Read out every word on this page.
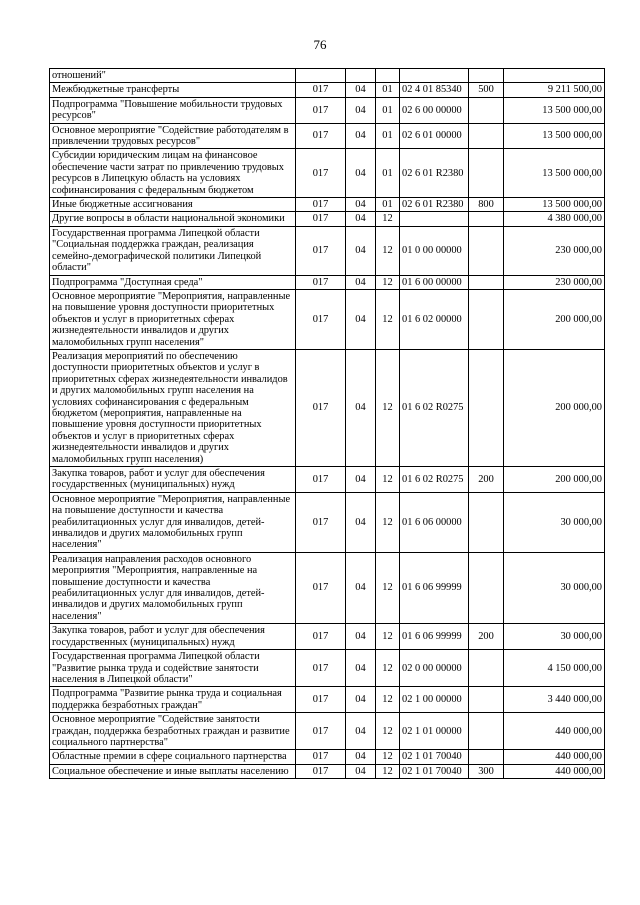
76
отношений"						
Межбюджетные трансферты	017	04	01	02 4 01 85340	500	9 211 500,00
Подпрограмма "Повышение мобильности трудовых ресурсов"	017	04	01	02 6 00 00000		13 500 000,00
Основное мероприятие "Содействие работодателям в привлечении трудовых ресурсов"	017	04	01	02 6 01 00000		13 500 000,00
Субсидии юридическим лицам на финансовое обеспечение части затрат по привлечению трудовых ресурсов в Липецкую область на условиях софинансирования с федеральным бюджетом	017	04	01	02 6 01 R2380		13 500 000,00
Иные бюджетные ассигнования	017	04	01	02 6 01 R2380	800	13 500 000,00
Другие вопросы в области национальной экономики	017	04	12			4 380 000,00
Государственная программа Липецкой области "Социальная поддержка граждан, реализация семейно-демографической политики Липецкой области"	017	04	12	01 0 00 00000		230 000,00
Подпрограмма "Доступная среда"	017	04	12	01 6 00 00000		230 000,00
Основное мероприятие "Мероприятия, направленные на повышение уровня доступности приоритетных объектов и услуг в приоритетных сферах жизнедеятельности инвалидов и других маломобильных групп населения"	017	04	12	01 6 02 00000		200 000,00
Реализация мероприятий по обеспечению доступности приоритетных объектов и услуг в приоритетных сферах жизнедеятельности инвалидов и других маломобильных групп населения на условиях софинансирования с федеральным бюджетом (мероприятия, направленные на повышение уровня доступности приоритетных объектов и услуг в приоритетных сферах жизнедеятельности инвалидов и других маломобильных групп населения)	017	04	12	01 6 02 R0275		200 000,00
Закупка товаров, работ и услуг для обеспечения государственных (муниципальных) нужд	017	04	12	01 6 02 R0275	200	200 000,00
Основное мероприятие "Мероприятия, направленные на повышение доступности и качества реабилитационных услуг для инвалидов, детей-инвалидов и других маломобильных групп населения"	017	04	12	01 6 06 00000		30 000,00
Реализация направления расходов основного мероприятия "Мероприятия, направленные на повышение доступности и качества реабилитационных услуг для инвалидов, детей-инвалидов и других маломобильных групп населения"	017	04	12	01 6 06 99999		30 000,00
Закупка товаров, работ и услуг для обеспечения государственных (муниципальных) нужд	017	04	12	01 6 06 99999	200	30 000,00
Государственная программа Липецкой области "Развитие рынка труда и содействие занятости населения в Липецкой области"	017	04	12	02 0 00 00000		4 150 000,00
Подпрограмма "Развитие рынка труда и социальная поддержка безработных граждан"	017	04	12	02 1 00 00000		3 440 000,00
Основное мероприятие "Содействие занятости граждан, поддержка безработных граждан и развитие социального партнерства"	017	04	12	02 1 01 00000		440 000,00
Областные премии в сфере социального партнерства	017	04	12	02 1 01 70040		440 000,00
Социальное обеспечение и иные выплаты населению	017	04	12	02 1 01 70040	300	440 000,00
